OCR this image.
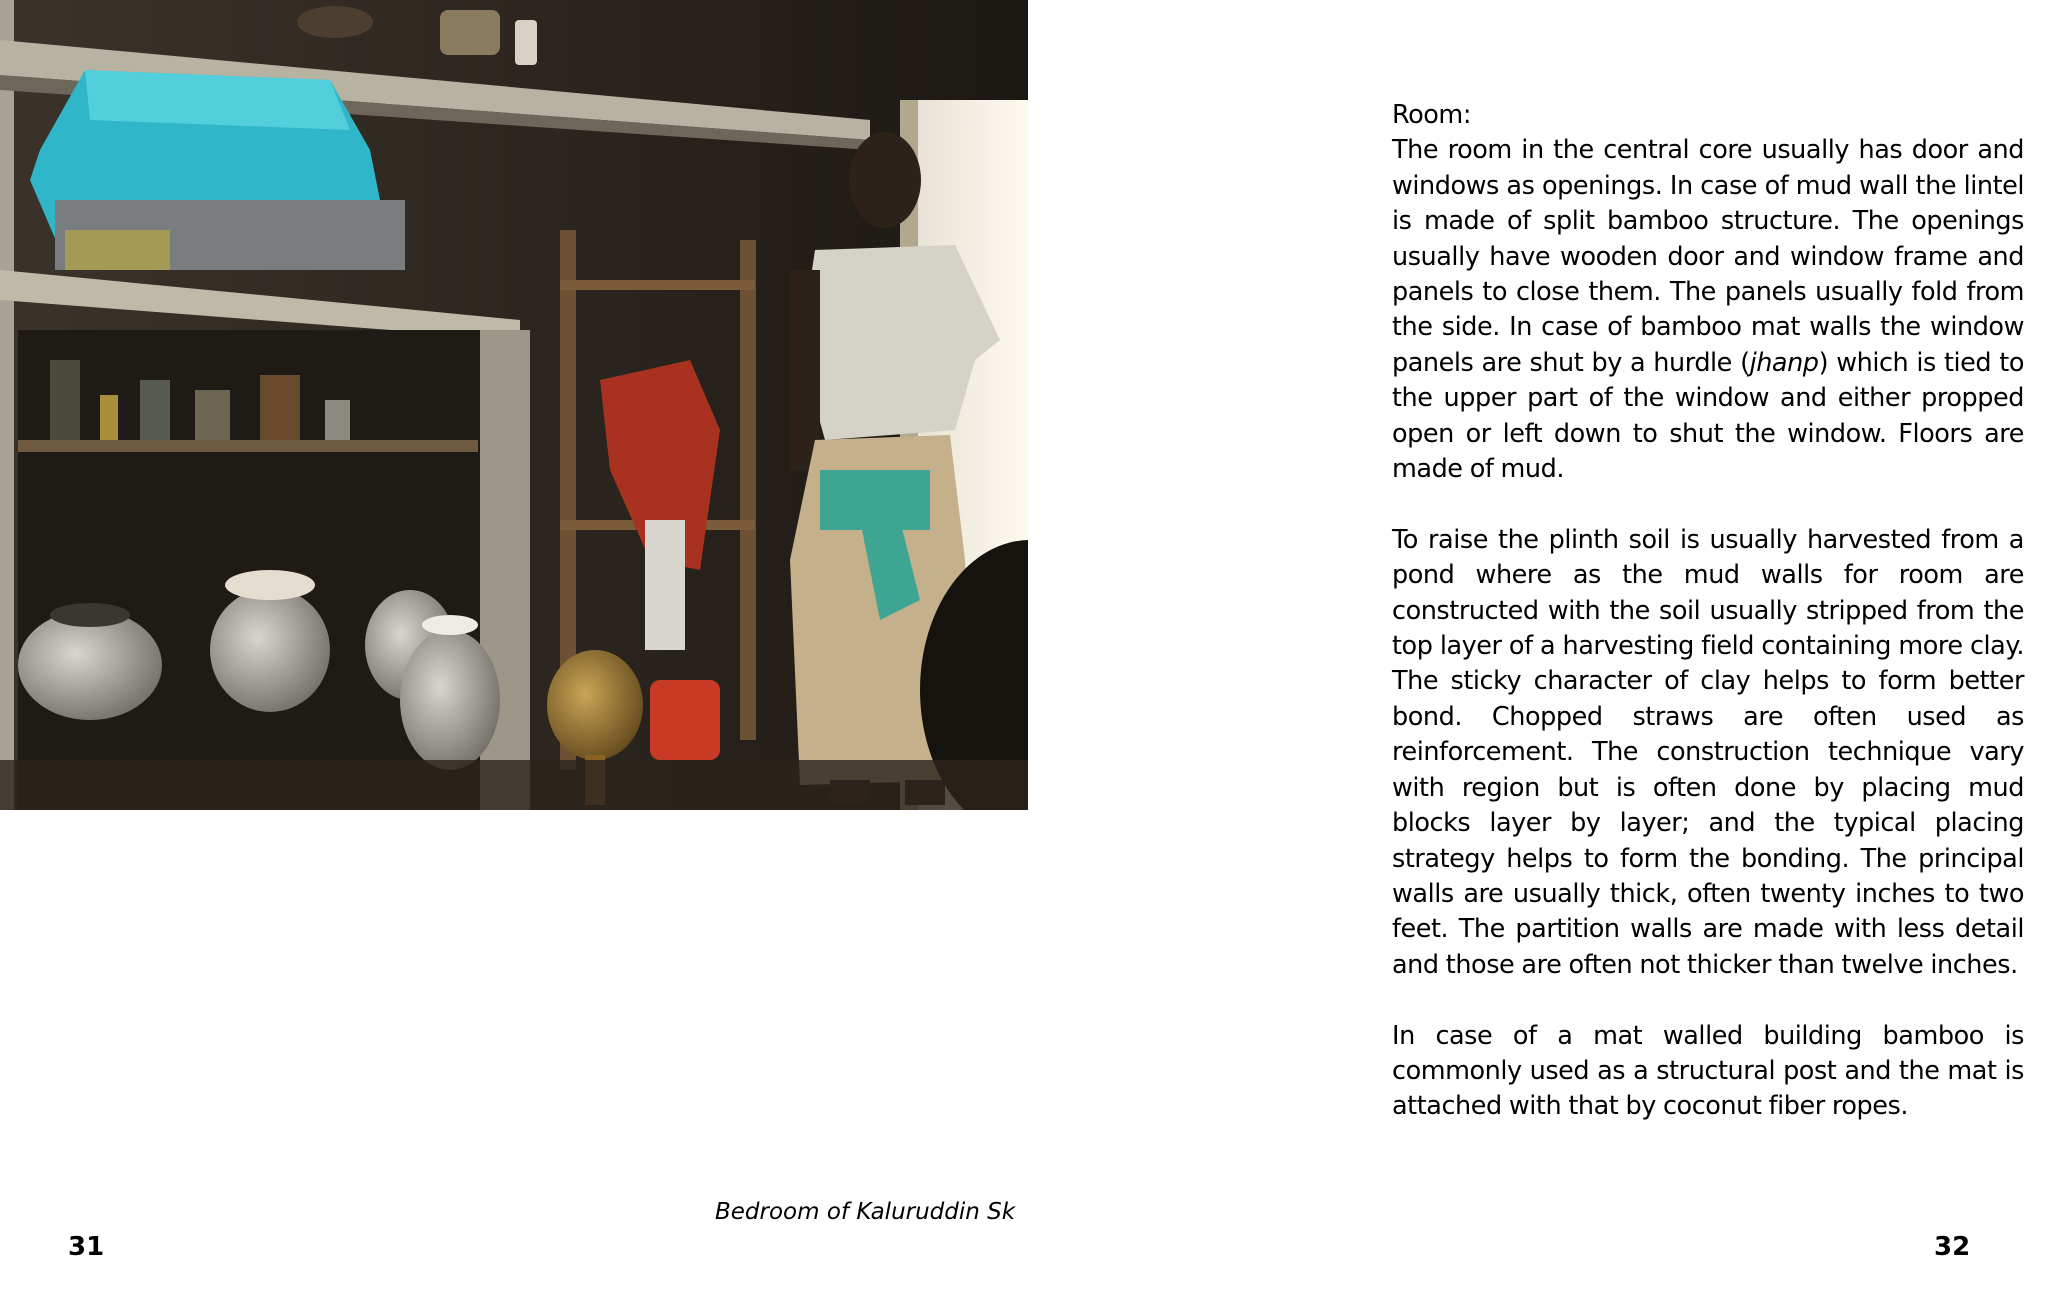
Bedroom of Kaluruddin Sk
31	32

Room:
The room in the central core usually has door and windows as openings. In case of mud wall the lintel is made of split bamboo structure. The openings usually have wooden door and window frame and panels to close them. The panels usually fold from the side. In case of bamboo mat walls the window panels are shut by a hurdle (jhanp) which is tied to the upper part of the window and either propped open or left down to shut the window. Floors are made of mud.

To raise the plinth soil is usually harvested from a pond where as the mud walls for room are constructed with the soil usually stripped from the top layer of a harvesting field containing more clay. The sticky character of clay helps to form better bond. Chopped straws are often used as reinforcement. The construction technique vary with region but is often done by placing mud blocks layer by layer; and the typical placing strategy helps to form the bonding. The principal walls are usually thick, often twenty inches to two feet. The partition walls are made with less detail and those are often not thicker than twelve inches.

In case of a mat walled building bamboo is commonly used as a structural post and the mat is attached with that by coconut fiber ropes.
